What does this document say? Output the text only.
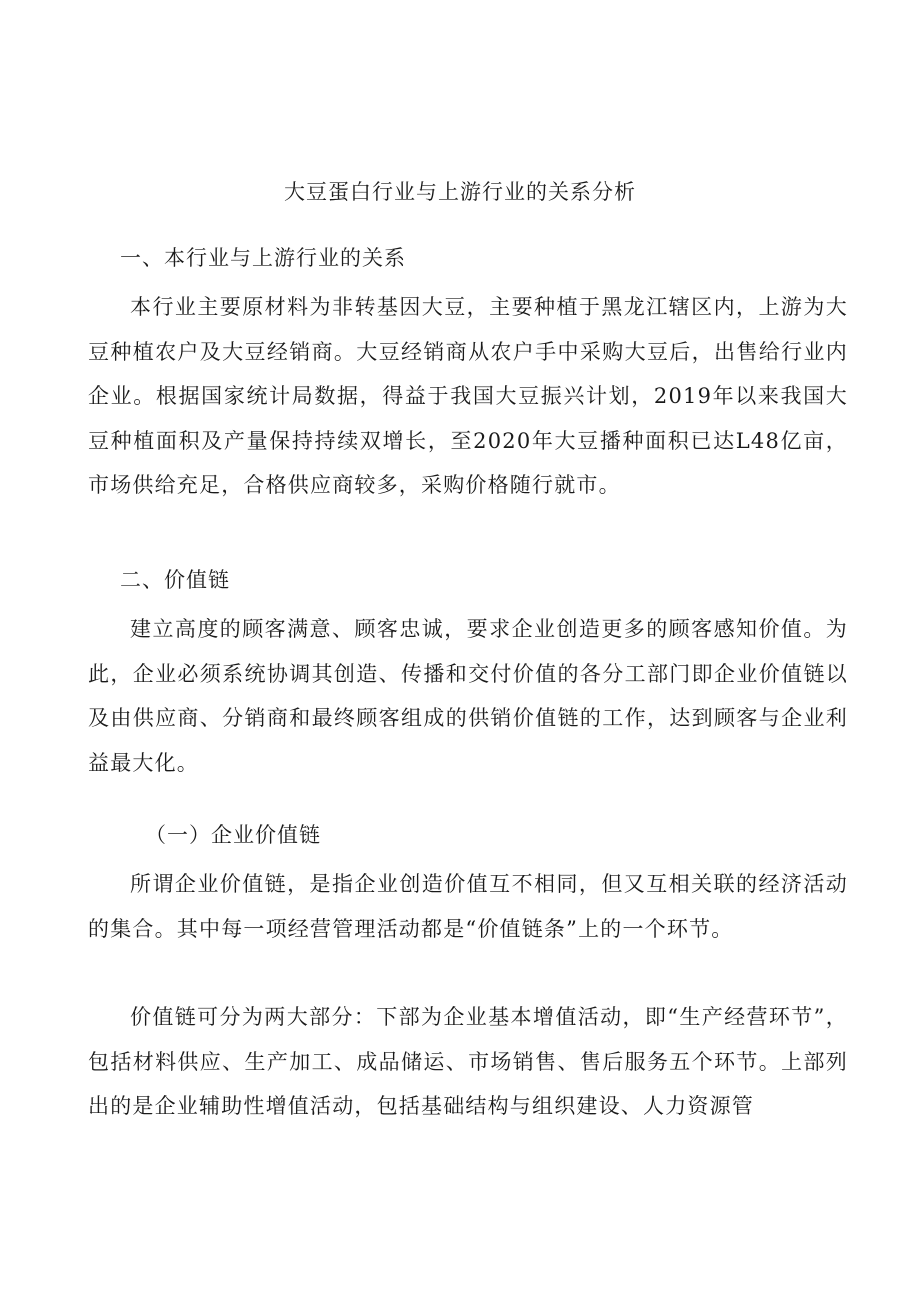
大豆蛋白行业与上游行业的关系分析
一、本行业与上游行业的关系

本行业主要原材料为非转基因大豆，主要种植于黑龙江辖区内，上游为大豆种植农户及大豆经销商。大豆经销商从农户手中采购大豆后，出售给行业内企业。根据国家统计局数据，得益于我国大豆振兴计划，2019年以来我国大豆种植面积及产量保持持续双增长，至2020年大豆播种面积已达L48亿亩，市场供给充足，合格供应商较多，采购价格随行就市。

二、价值链

建立高度的顾客满意、顾客忠诚，要求企业创造更多的顾客感知价值。为此，企业必须系统协调其创造、传播和交付价值的各分工部门即企业价值链以及由供应商、分销商和最终顾客组成的供销价值链的工作，达到顾客与企业利益最大化。

（一）企业价值链

所谓企业价值链，是指企业创造价值互不相同，但又互相关联的经济活动的集合。其中每一项经营管理活动都是“价值链条”上的一个环节。

价值链可分为两大部分：下部为企业基本增值活动，即“生产经营环节”，包括材料供应、生产加工、成品储运、市场销售、售后服务五个环节。上部列出的是企业辅助性增值活动，包括基础结构与组织建设、人力资源管
